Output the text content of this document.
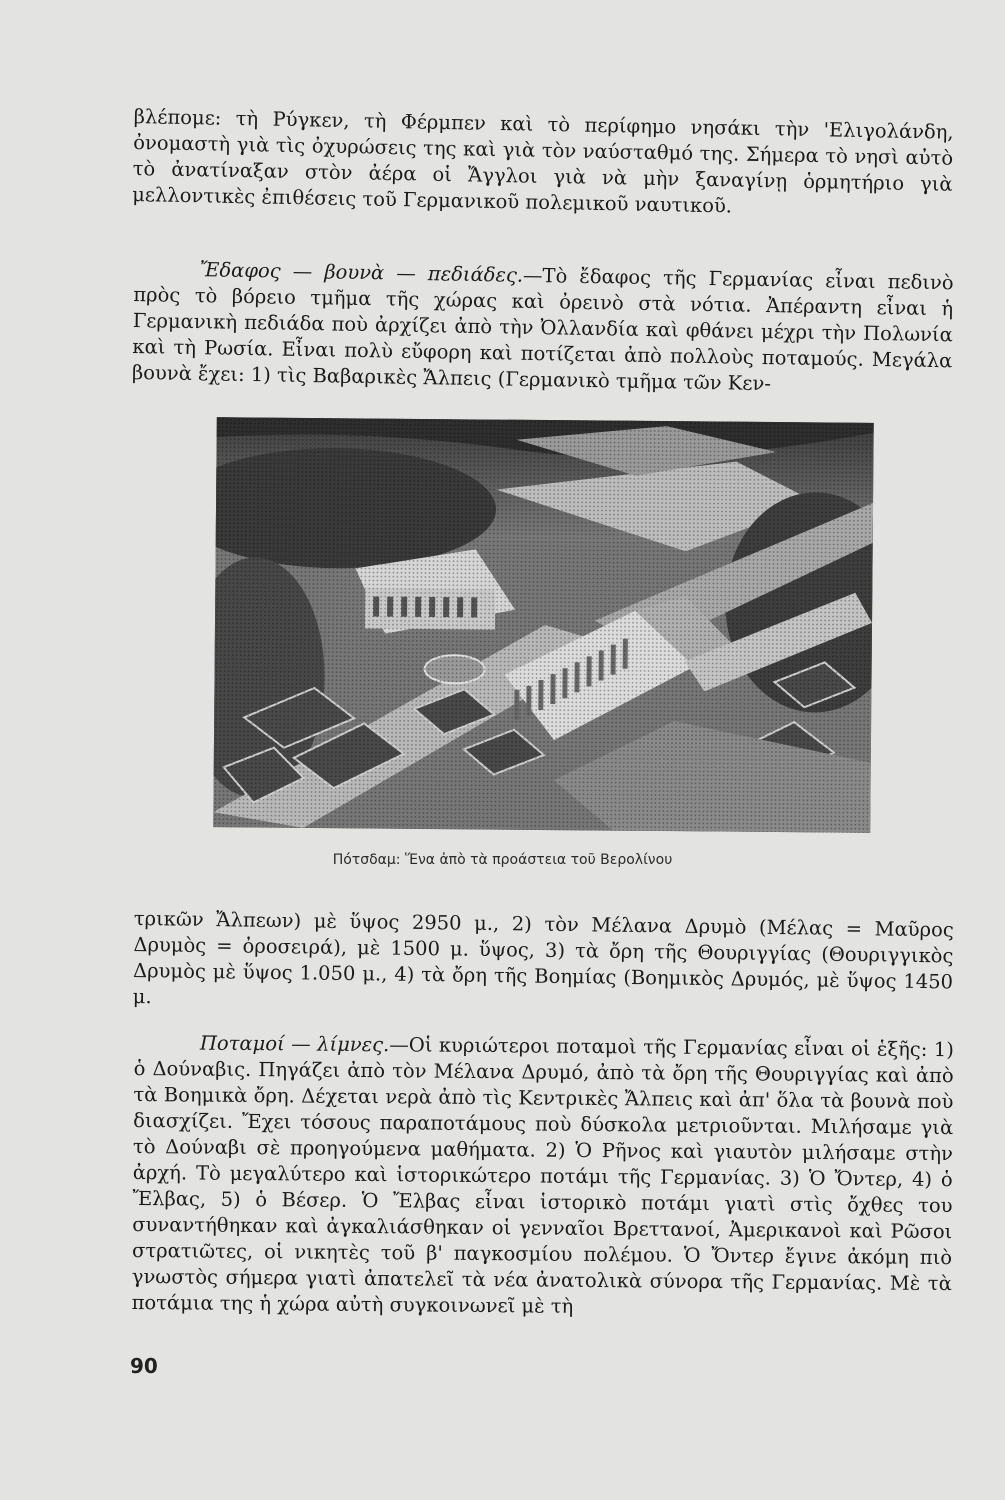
βλέπομε: τὴ Ρύγκεν, τὴ Φέρμπεν καὶ τὸ περίφημο νησάκι τὴν 'Ελιγολάνδη, ὀνομαστὴ γιὰ τὶς ὀχυρώσεις της καὶ γιὰ τὸν ναύσταθμό της. Σήμερα τὸ νησὶ αὐτὸ τὸ ἀνατίναξαν στὸν ἀέρα οἱ Ἄγγλοι γιὰ νὰ μὴν ξαναγίνῃ ὁρμητήριο γιὰ μελλοντικὲς ἐπιθέσεις τοῦ Γερμανικοῦ πολεμικοῦ ναυτικοῦ.

Ἔδαφος — βουνὰ — πεδιάδες.—Τὸ ἔδαφος τῆς Γερμανίας εἶναι πεδινὸ πρὸς τὸ βόρειο τμῆμα τῆς χώρας καὶ ὀρεινὸ στὰ νότια. Ἀπέραντη εἶναι ἡ Γερμανικὴ πεδιάδα ποὺ ἀρχίζει ἀπὸ τὴν Ὀλλανδία καὶ φθάνει μέχρι τὴν Πολωνία καὶ τὴ Ρωσία. Εἶναι πολὺ εὔφορη καὶ ποτίζεται ἀπὸ πολλοὺς ποταμούς. Μεγάλα βουνὰ ἔχει: 1) τὶς Βαβαρικὲς Ἄλπεις (Γερμανικὸ τμῆμα τῶν Κεν-

Πότσδαμ: Ἕνα ἀπὸ τὰ προάστεια τοῦ Βερολίνου

τρικῶν Ἄλπεων) μὲ ὕψος 2950 μ., 2) τὸν Μέλανα Δρυμὸ (Μέλας = Μαῦρος Δρυμὸς = ὀροσειρά), μὲ 1500 μ. ὕψος, 3) τὰ ὄρη τῆς Θουριγγίας (Θουριγγικὸς Δρυμὸς μὲ ὕψος 1.050 μ., 4) τὰ ὄρη τῆς Βοημίας (Βοημικὸς Δρυμός, μὲ ὕψος 1450 μ.

Ποταμοί — λίμνες.—Οἱ κυριώτεροι ποταμοὶ τῆς Γερμανίας εἶναι οἱ ἑξῆς: 1) ὁ Δούναβις. Πηγάζει ἀπὸ τὸν Μέλανα Δρυμό, ἀπὸ τὰ ὄρη τῆς Θουριγγίας καὶ ἀπὸ τὰ Βοημικὰ ὄρη. Δέχεται νερὰ ἀπὸ τὶς Κεντρικὲς Ἄλπεις καὶ ἀπ' ὅλα τὰ βουνὰ ποὺ διασχίζει. Ἔχει τόσους παραποτάμους ποὺ δύσκολα μετριοῦνται. Μιλήσαμε γιὰ τὸ Δούναβι σὲ προηγούμενα μαθήματα. 2) Ὁ Ρῆνος καὶ γιαυτὸν μιλήσαμε στὴν ἀρχή. Τὸ μεγαλύτερο καὶ ἱστορικώτερο ποτάμι τῆς Γερμανίας. 3) Ὁ Ὄντερ, 4) ὁ Ἔλβας, 5) ὁ Βέσερ. Ὁ Ἔλβας εἶναι ἱστορικὸ ποτάμι γιατὶ στὶς ὄχθες του συναντήθηκαν καὶ ἀγκαλιάσθηκαν οἱ γενναῖοι Βρεττανοί, Ἀμερικανοὶ καὶ Ρῶσοι στρατιῶτες, οἱ νικητὲς τοῦ β' παγκοσμίου πολέμου. Ὁ Ὄντερ ἔγινε ἀκόμη πιὸ γνωστὸς σήμερα γιατὶ ἀπατελεῖ τὰ νέα ἀνατολικὰ σύνορα τῆς Γερμανίας. Μὲ τὰ ποτάμια της ἡ χώρα αὐτὴ συγκοινωνεῖ μὲ τὴ

90
